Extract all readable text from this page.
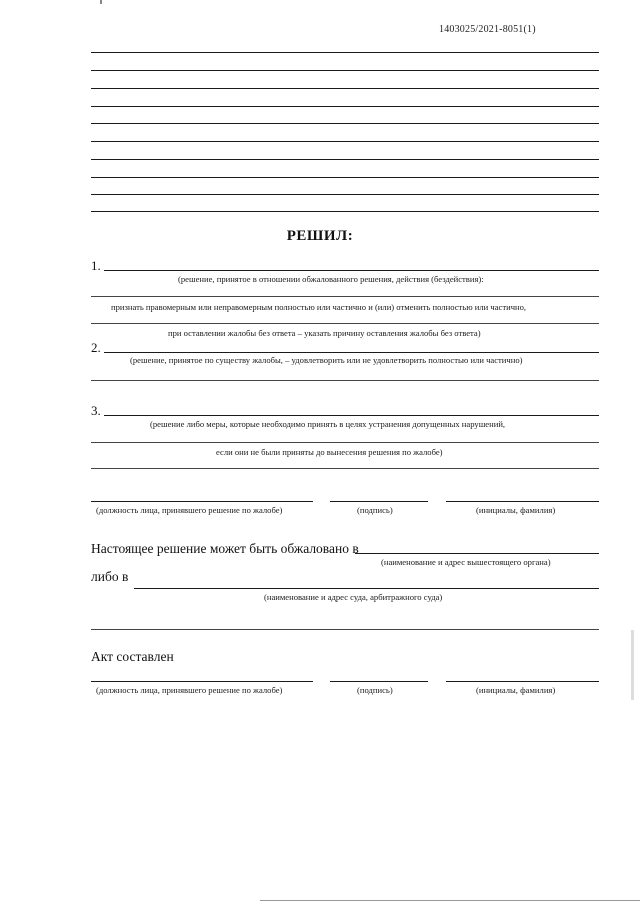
1403025/2021-8051(1)
РЕШИЛ:
1.
(решение, принятое в отношении обжалованного решения, действия (бездействия):
признать правомерным или неправомерным полностью или частично и (или) отменить полностью или частично,
при оставлении жалобы без ответа – указать причину оставления жалобы без ответа)
2.
(решение, принятое по существу жалобы, – удовлетворить или не удовлетворить полностью или частично)
3.
(решение либо меры, которые необходимо принять в целях устранения допущенных нарушений,
если они не были приняты до вынесения решения по жалобе)
(должность лица, принявшего решение по жалобе)	(подпись)	(инициалы, фамилия)
Настоящее решение может быть обжаловано в
(наименование и адрес вышестоящего органа)
либо в
(наименование и адрес суда, арбитражного суда)
Акт составлен
(должность лица, принявшего решение по жалобе)	(подпись)	(инициалы, фамилия)
